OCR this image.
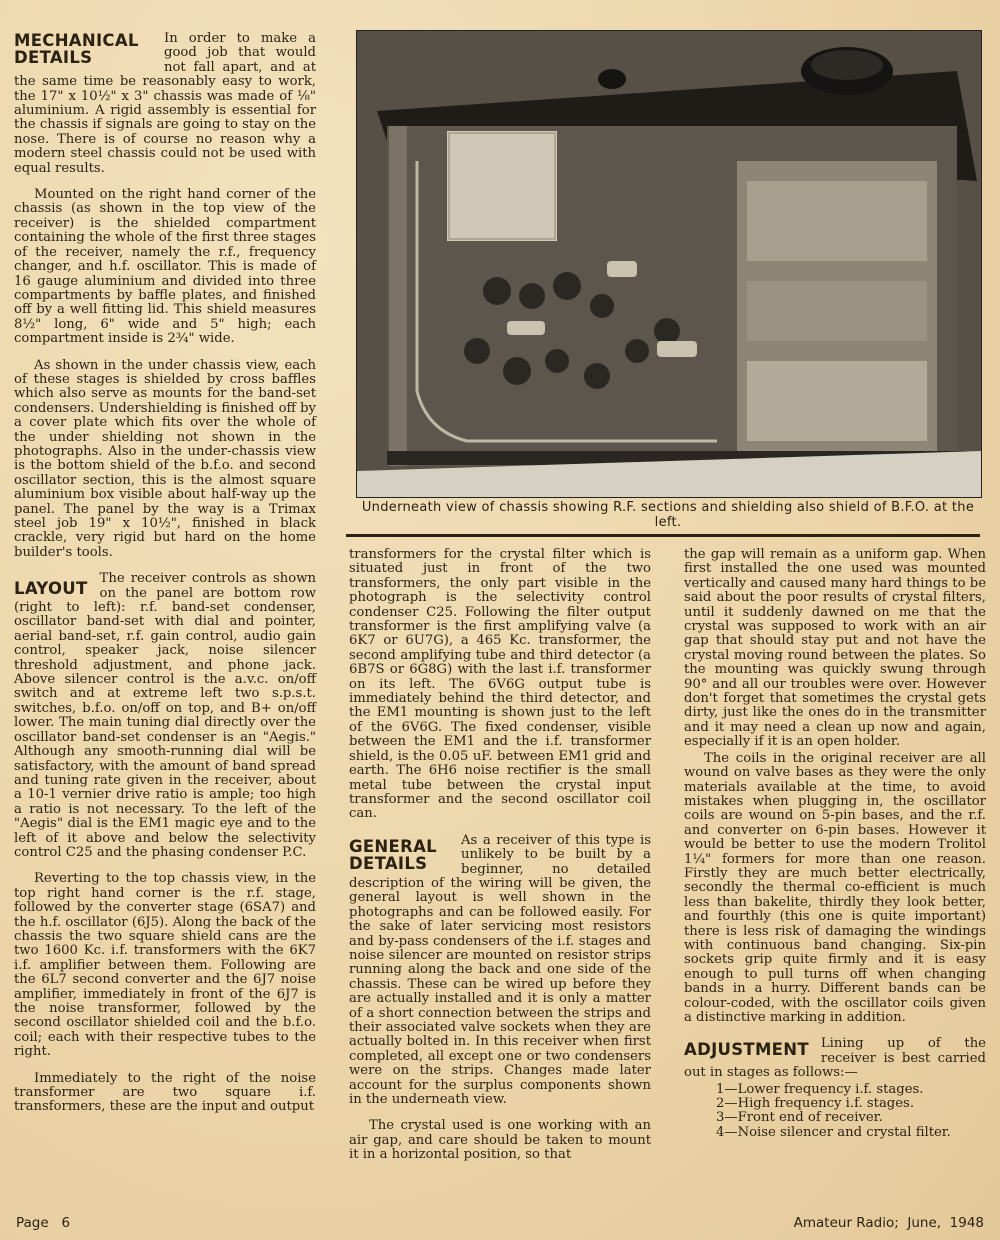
MECHANICAL DETAILS

In order to make a good job that would not fall apart, and at the same time be reasonably easy to work, the 17" x 10½" x 3" chassis was made of ⅛" aluminium. A rigid assembly is essential for the chassis if signals are going to stay on the nose. There is of course no reason why a modern steel chassis could not be used with equal results.

Mounted on the right hand corner of the chassis (as shown in the top view of the receiver) is the shielded compartment containing the whole of the first three stages of the receiver, namely the r.f., frequency changer, and h.f. oscillator. This is made of 16 gauge aluminium and divided into three compartments by baffle plates, and finished off by a well fitting lid. This shield measures 8½" long, 6" wide and 5" high; each compartment inside is 2¾" wide.

As shown in the under chassis view, each of these stages is shielded by cross baffles which also serve as mounts for the band-set condensers. Undershielding is finished off by a cover plate which fits over the whole of the under shielding not shown in the photographs. Also in the under-chassis view is the bottom shield of the b.f.o. and second oscillator section, this is the almost square aluminium box visible about half-way up the panel. The panel by the way is a Trimax steel job 19" x 10½", finished in black crackle, very rigid but hard on the home builder's tools.

LAYOUT

The receiver controls as shown on the panel are bottom row (right to left): r.f. band-set condenser, oscillator band-set with dial and pointer, aerial band-set, r.f. gain control, audio gain control, speaker jack, noise silencer threshold adjustment, and phone jack. Above silencer control is the a.v.c. on/off switch and at extreme left two s.p.s.t. switches, b.f.o. on/off on top, and B+ on/off lower. The main tuning dial directly over the oscillator band-set condenser is an "Aegis." Although any smooth-running dial will be satisfactory, with the amount of band spread and tuning rate given in the receiver, about a 10-1 vernier drive ratio is ample; too high a ratio is not necessary. To the left of the "Aegis" dial is the EM1 magic eye and to the left of it above and below the selectivity control C25 and the phasing condenser P.C.

Reverting to the top chassis view, in the top right hand corner is the r.f. stage, followed by the converter stage (6SA7) and the h.f. oscillator (6J5). Along the back of the chassis the two square shield cans are the two 1600 Kc. i.f. transformers with the 6K7 i.f. amplifier between them. Following are the 6L7 second converter and the 6J7 noise amplifier, immediately in front of the 6J7 is the noise transformer, followed by the second oscillator shielded coil and the b.f.o. coil; each with their respective tubes to the right.

Immediately to the right of the noise transformer are two square i.f. transformers, these are the input and output

Underneath view of chassis showing R.F. sections and shielding also shield of B.F.O. at the left.

transformers for the crystal filter which is situated just in front of the two transformers, the only part visible in the photograph is the selectivity control condenser C25. Following the filter output transformer is the first amplifying valve (a 6K7 or 6U7G), a 465 Kc. transformer, the second amplifying tube and third detector (a 6B7S or 6G8G) with the last i.f. transformer on its left. The 6V6G output tube is immediately behind the third detector, and the EM1 mounting is shown just to the left of the 6V6G. The fixed condenser, visible between the EM1 and the i.f. transformer shield, is the 0.05 uF. between EM1 grid and earth. The 6H6 noise rectifier is the small metal tube between the crystal input transformer and the second oscillator coil can.

GENERAL DETAILS

As a receiver of this type is unlikely to be built by a beginner, no detailed description of the wiring will be given, the general layout is well shown in the photographs and can be followed easily. For the sake of later servicing most resistors and by-pass condensers of the i.f. stages and noise silencer are mounted on resistor strips running along the back and one side of the chassis. These can be wired up before they are actually installed and it is only a matter of a short connection between the strips and their associated valve sockets when they are actually bolted in. In this receiver when first completed, all except one or two condensers were on the strips. Changes made later account for the surplus components shown in the underneath view.

The crystal used is one working with an air gap, and care should be taken to mount it in a horizontal position, so that

the gap will remain as a uniform gap. When first installed the one used was mounted vertically and caused many hard things to be said about the poor results of crystal filters, until it suddenly dawned on me that the crystal was supposed to work with an air gap that should stay put and not have the crystal moving round between the plates. So the mounting was quickly swung through 90° and all our troubles were over. However don't forget that sometimes the crystal gets dirty, just like the ones do in the transmitter and it may need a clean up now and again, especially if it is an open holder.

The coils in the original receiver are all wound on valve bases as they were the only materials available at the time, to avoid mistakes when plugging in, the oscillator coils are wound on 5-pin bases, and the r.f. and converter on 6-pin bases. However it would be better to use the modern Trolitol 1¼" formers for more than one reason. Firstly they are much better electrically, secondly the thermal co-efficient is much less than bakelite, thirdly they look better, and fourthly (this one is quite important) there is less risk of damaging the windings with continuous band changing. Six-pin sockets grip quite firmly and it is easy enough to pull turns off when changing bands in a hurry. Different bands can be colour-coded, with the oscillator coils given a distinctive marking in addition.

ADJUSTMENT Lining up of the receiver is best carried out in stages as follows:—

1—Lower frequency i.f. stages.
2—High frequency i.f. stages.
3—Front end of receiver.
4—Noise silencer and crystal filter.
Page   6	Amateur Radio;  June,  1948
